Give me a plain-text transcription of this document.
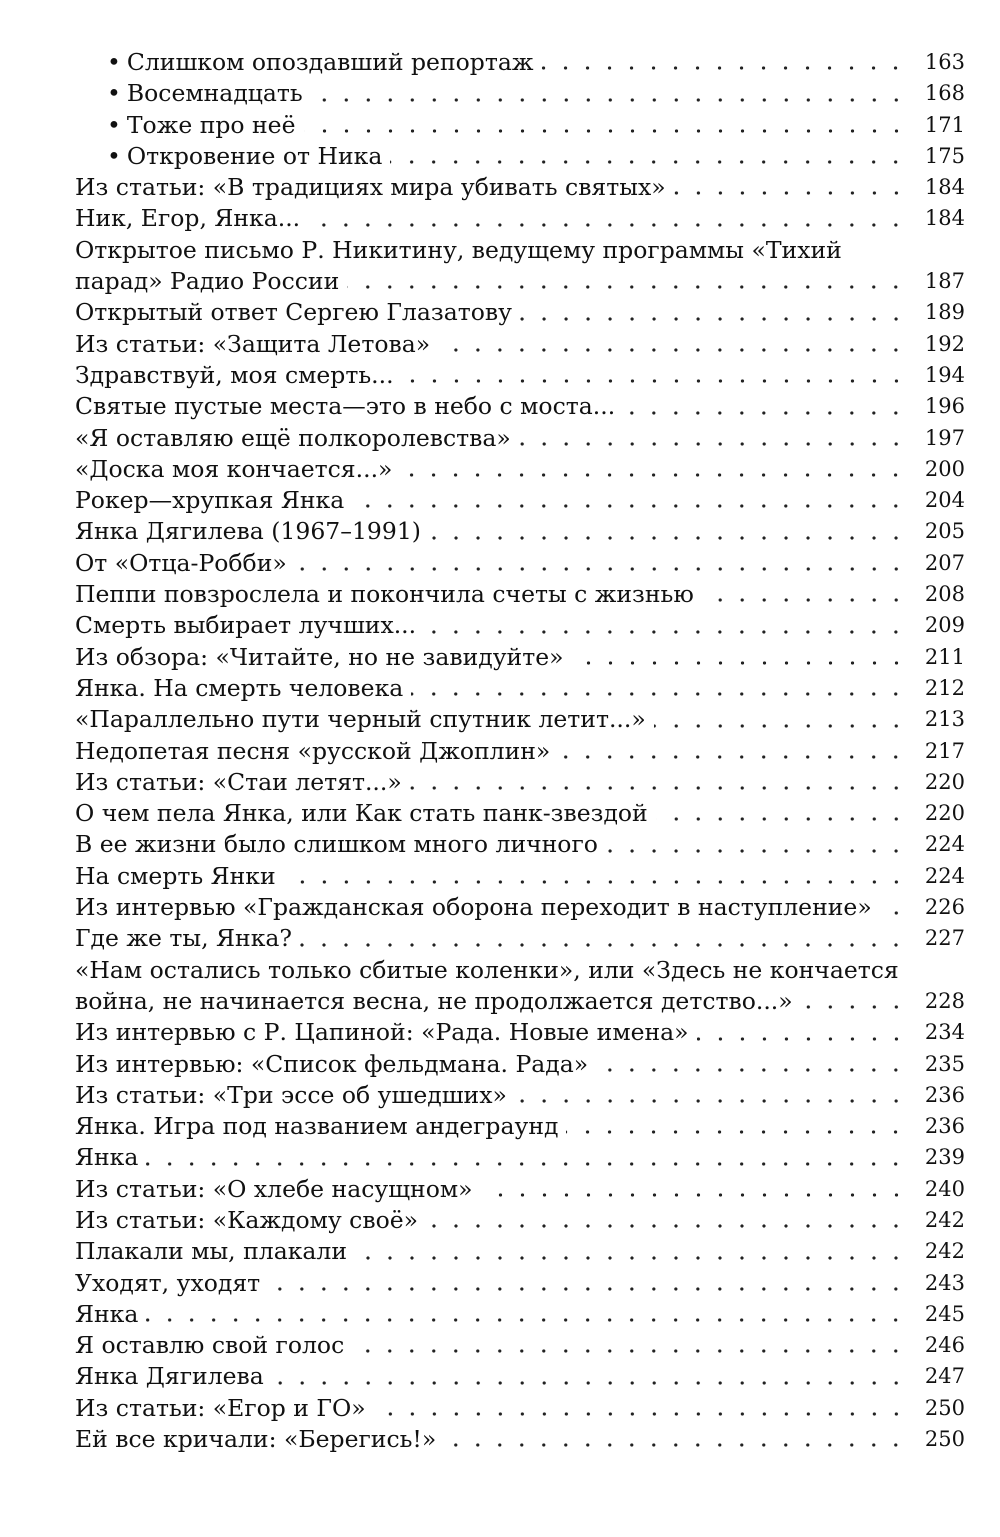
• Слишком опоздавший репортаж	163
• Восемнадцать	168
• Тоже про неё	171
• Откровение от Ника	175
Из статьи: «В традициях мира убивать святых»	184
Ник, Егор, Янка...	184
Открытое письмо Р. Никитину, ведущему программы «Тихий
парад» Радио России	187
Открытый ответ Сергею Глазатову	189
Из статьи: «Защита Летова»	192
Здравствуй, моя смерть...	194
Святые пустые места—это в небо с моста...	196
«Я оставляю ещё полкоролевства»	197
«Доска моя кончается...»	200
Рокер—хрупкая Янка	204
Янка Дягилева (1967–1991)	205
От «Отца-Робби»	207
Пеппи повзрослела и покончила счеты с жизнью	208
Смерть выбирает лучших...	209
Из обзора: «Читайте, но не завидуйте»	211
Янка. На смерть человека	212
«Параллельно пути черный спутник летит...»	213
Недопетая песня «русской Джоплин»	217
Из статьи: «Стаи летят...»	220
О чем пела Янка, или Как стать панк-звездой	220
В ее жизни было слишком много личного	224
На смерть Янки	224
Из интервью «Гражданская оборона переходит в наступление»	226
Где же ты, Янка?	227
«Нам остались только сбитые коленки», или «Здесь не кончается
война, не начинается весна, не продолжается детство...»	228
Из интервью с Р. Цапиной: «Рада. Новые имена»	234
Из интервью: «Список фельдмана. Рада»	235
Из статьи: «Три эссе об ушедших»	236
Янка. Игра под названием андеграунд	236
Янка	239
Из статьи: «О хлебе насущном»	240
Из статьи: «Каждому своё»	242
Плакали мы, плакали	242
Уходят, уходят	243
Янка	245
Я оставлю свой голос	246
Янка Дягилева	247
Из статьи: «Егор и ГО»	250
Ей все кричали: «Берегись!»	250
